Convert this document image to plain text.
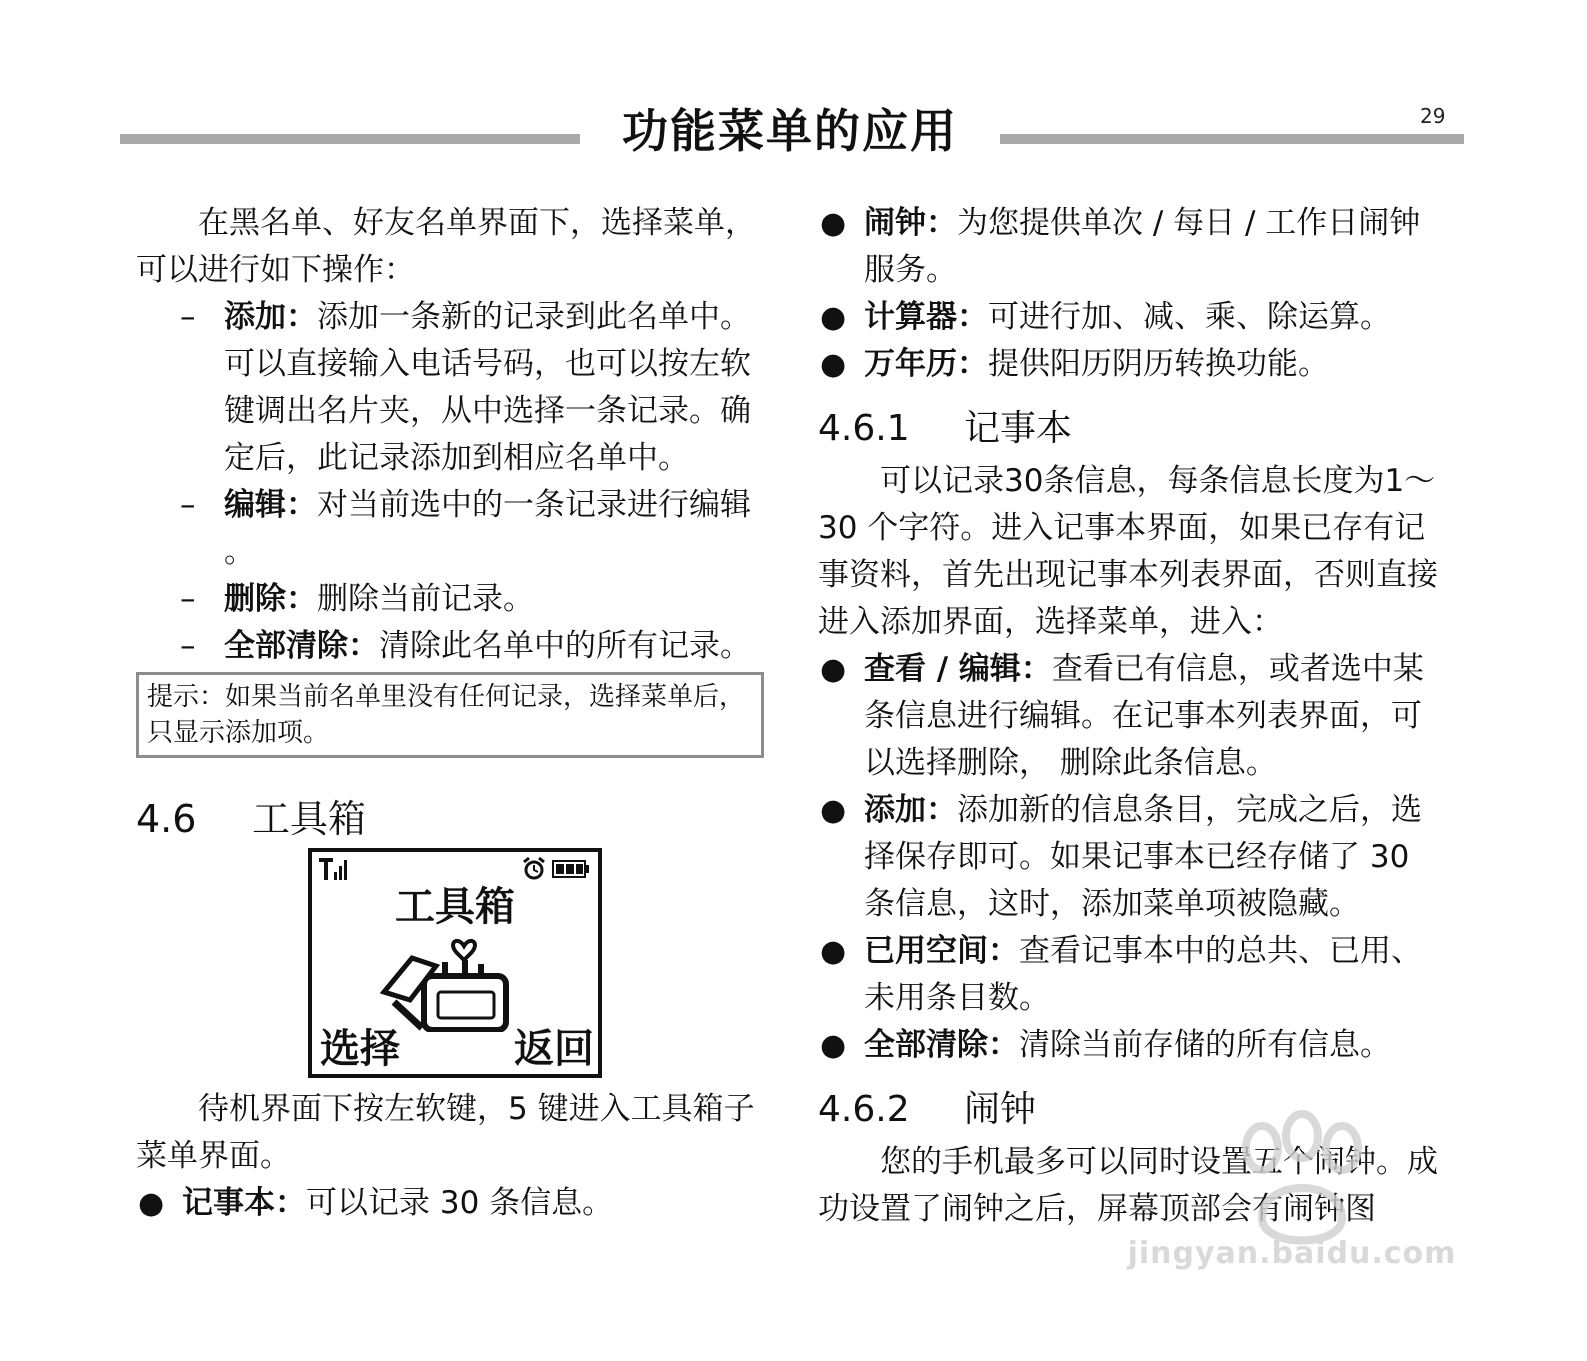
功能菜单的应用	29

在黑名单、好友名单界面下，选择菜单，可以进行如下操作：

– 添加：添加一条新的记录到此名单中。可以直接输入电话号码，也可以按左软键调出名片夹，从中选择一条记录。确定后，此记录添加到相应名单中。
– 编辑：对当前选中的一条记录进行编辑 。
– 删除：删除当前记录。
– 全部清除：清除此名单中的所有记录。
提示：如果当前名单里没有任何记录，选择菜单后，只显示添加项。
4.6 工具箱
工具箱
选择	返回

待机界面下按左软键，5 键进入工具箱子菜单界面。

● 记事本：可以记录 30 条信息。
● 闹钟：为您提供单次 / 每日 / 工作日闹钟服务。
● 计算器：可进行加、减、乘、除运算。
● 万年历：提供阳历阴历转换功能。
4.6.1 记事本

可以记录30条信息，每条信息长度为1～30 个字符。进入记事本界面，如果已存有记事资料，首先出现记事本列表界面，否则直接进入添加界面，选择菜单，进入：

● 查看 / 编辑：查看已有信息，或者选中某条信息进行编辑。在记事本列表界面，可以选择删除， 删除此条信息。
● 添加：添加新的信息条目，完成之后，选择保存即可。如果记事本已经存储了 30 条信息，这时，添加菜单项被隐藏。
● 已用空间：查看记事本中的总共、已用、未用条目数。
● 全部清除：清除当前存储的所有信息。
4.6.2 闹钟

您的手机最多可以同时设置五个闹钟。成功设置了闹钟之后，屏幕顶部会有闹钟图

jingyan.baidu.com
